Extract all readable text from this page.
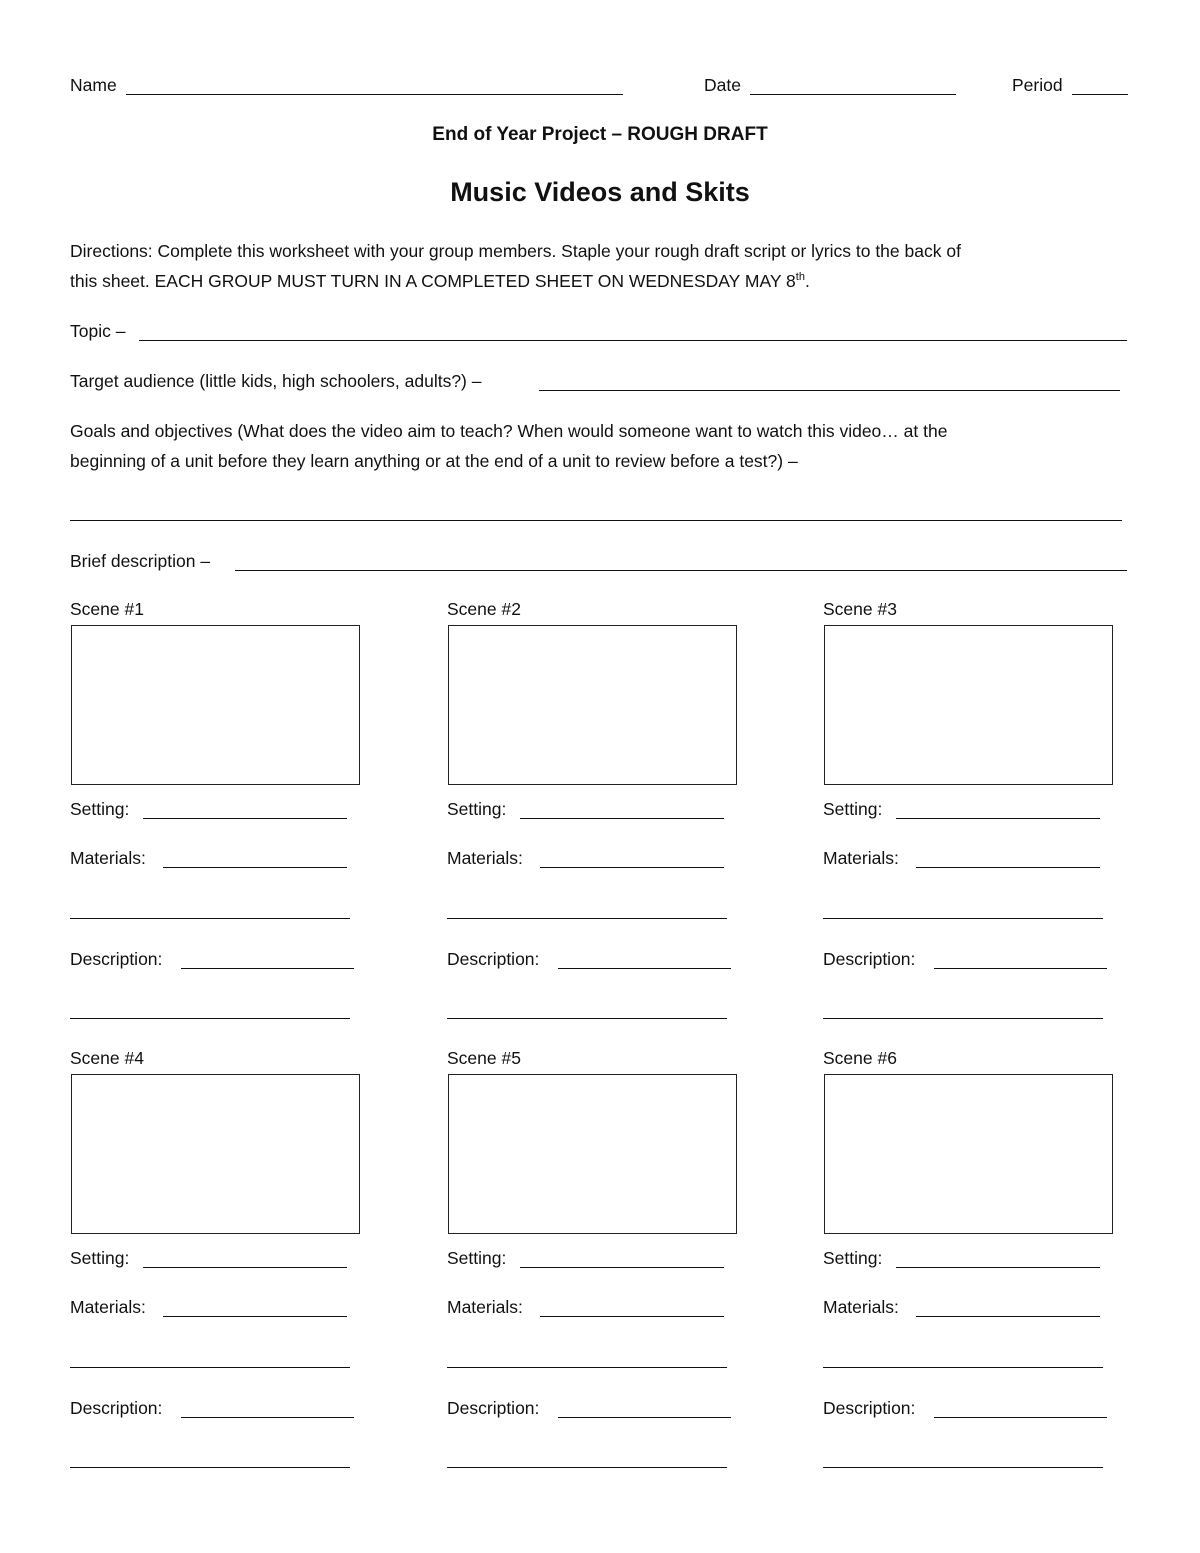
Name	Date	Period
End of Year Project – ROUGH DRAFT
Music Videos and Skits
Directions: Complete this worksheet with your group members. Staple your rough draft script or lyrics to the back of
this sheet. EACH GROUP MUST TURN IN A COMPLETED SHEET ON WEDNESDAY MAY 8th.
Topic –
Target audience (little kids, high schoolers, adults?) –
Goals and objectives (What does the video aim to teach? When would someone want to watch this video… at the
beginning of a unit before they learn anything or at the end of a unit to review before a test?) –
Brief description –
Scene #1
Setting:
Materials:
Description:
Scene #2
Setting:
Materials:
Description:
Scene #3
Setting:
Materials:
Description:
Scene #4
Setting:
Materials:
Description:
Scene #5
Setting:
Materials:
Description:
Scene #6
Setting:
Materials:
Description:
